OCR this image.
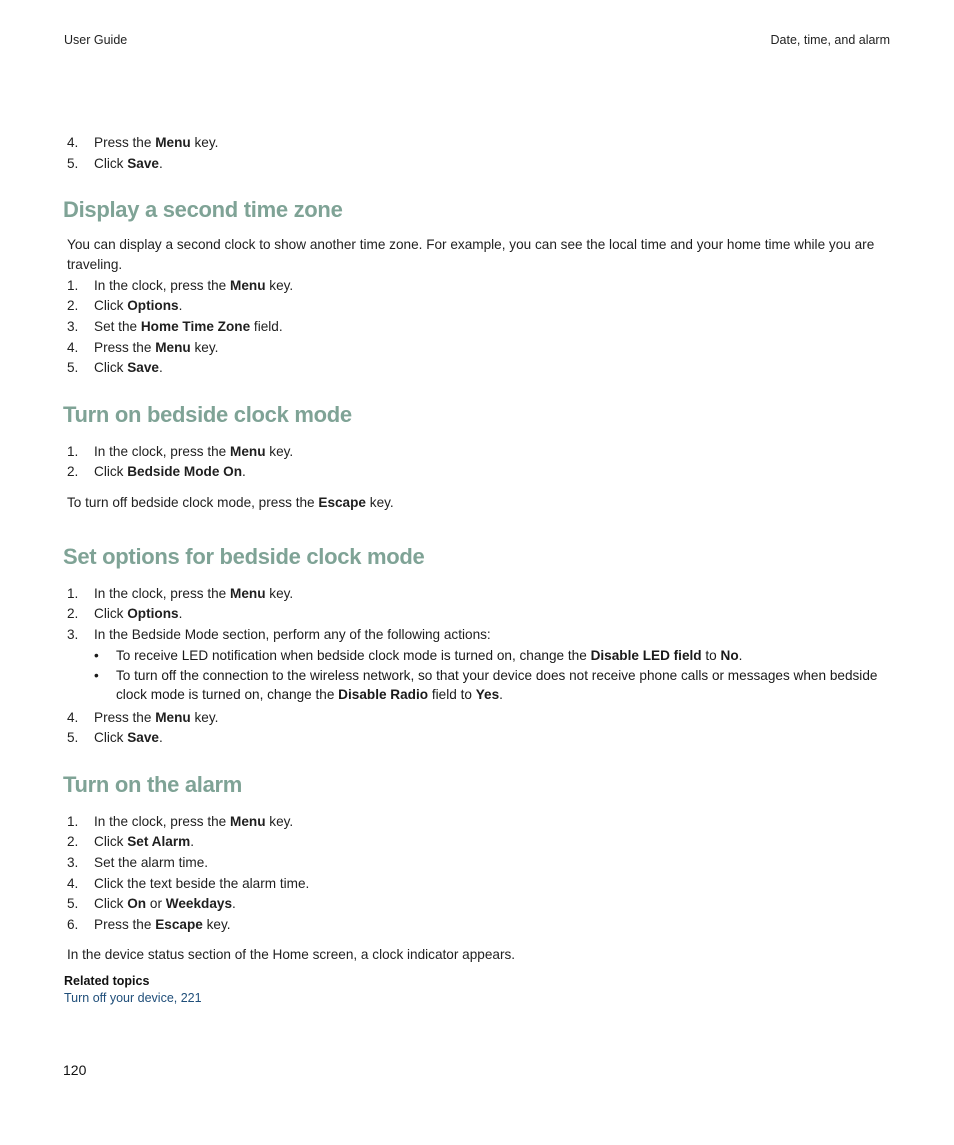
User Guide	Date, time, and alarm
4. Press the Menu key.
5. Click Save.
Display a second time zone
You can display a second clock to show another time zone. For example, you can see the local time and your home time while you are
traveling.
1. In the clock, press the Menu key.
2. Click Options.
3. Set the Home Time Zone field.
4. Press the Menu key.
5. Click Save.
Turn on bedside clock mode
1. In the clock, press the Menu key.
2. Click Bedside Mode On.
To turn off bedside clock mode, press the Escape key.
Set options for bedside clock mode
1. In the clock, press the Menu key.
2. Click Options.
3. In the Bedside Mode section, perform any of the following actions:
• To receive LED notification when bedside clock mode is turned on, change the Disable LED field to No.
• To turn off the connection to the wireless network, so that your device does not receive phone calls or messages when bedside
clock mode is turned on, change the Disable Radio field to Yes.
4. Press the Menu key.
5. Click Save.
Turn on the alarm
1. In the clock, press the Menu key.
2. Click Set Alarm.
3. Set the alarm time.
4. Click the text beside the alarm time.
5. Click On or Weekdays.
6. Press the Escape key.
In the device status section of the Home screen, a clock indicator appears.
Related topics
Turn off your device, 221
120
